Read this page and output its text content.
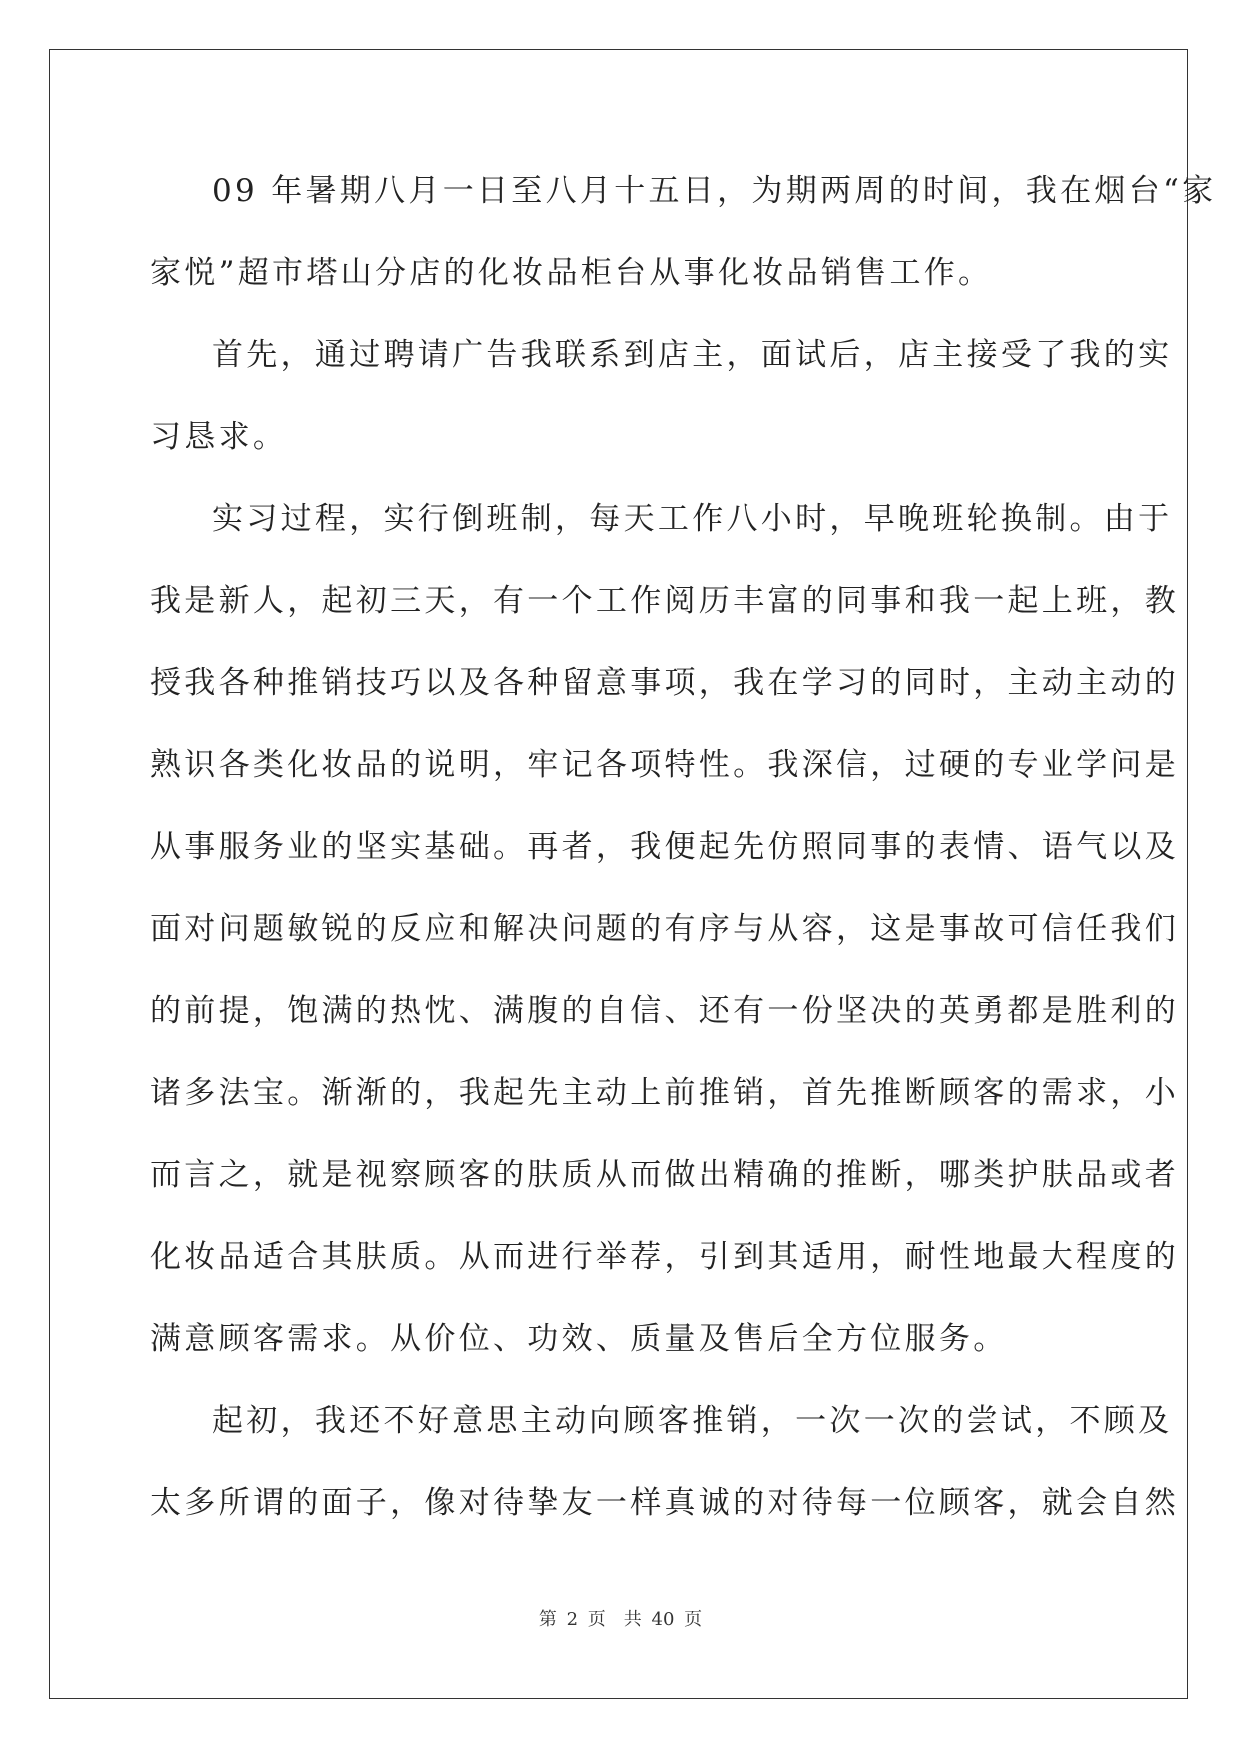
09 年暑期八月一日至八月十五日，为期两周的时间，我在烟台“家
家悦”超市塔山分店的化妆品柜台从事化妆品销售工作。
首先，通过聘请广告我联系到店主，面试后，店主接受了我的实
习恳求。
实习过程，实行倒班制，每天工作八小时，早晚班轮换制。由于
我是新人，起初三天，有一个工作阅历丰富的同事和我一起上班，教
授我各种推销技巧以及各种留意事项，我在学习的同时，主动主动的
熟识各类化妆品的说明，牢记各项特性。我深信，过硬的专业学问是
从事服务业的坚实基础。再者，我便起先仿照同事的表情、语气以及
面对问题敏锐的反应和解决问题的有序与从容，这是事故可信任我们
的前提，饱满的热忱、满腹的自信、还有一份坚决的英勇都是胜利的
诸多法宝。渐渐的，我起先主动上前推销，首先推断顾客的需求，小
而言之，就是视察顾客的肤质从而做出精确的推断，哪类护肤品或者
化妆品适合其肤质。从而进行举荐，引到其适用，耐性地最大程度的
满意顾客需求。从价位、功效、质量及售后全方位服务。
起初，我还不好意思主动向顾客推销，一次一次的尝试，不顾及
太多所谓的面子，像对待挚友一样真诚的对待每一位顾客，就会自然
第 2 页　共 40 页
